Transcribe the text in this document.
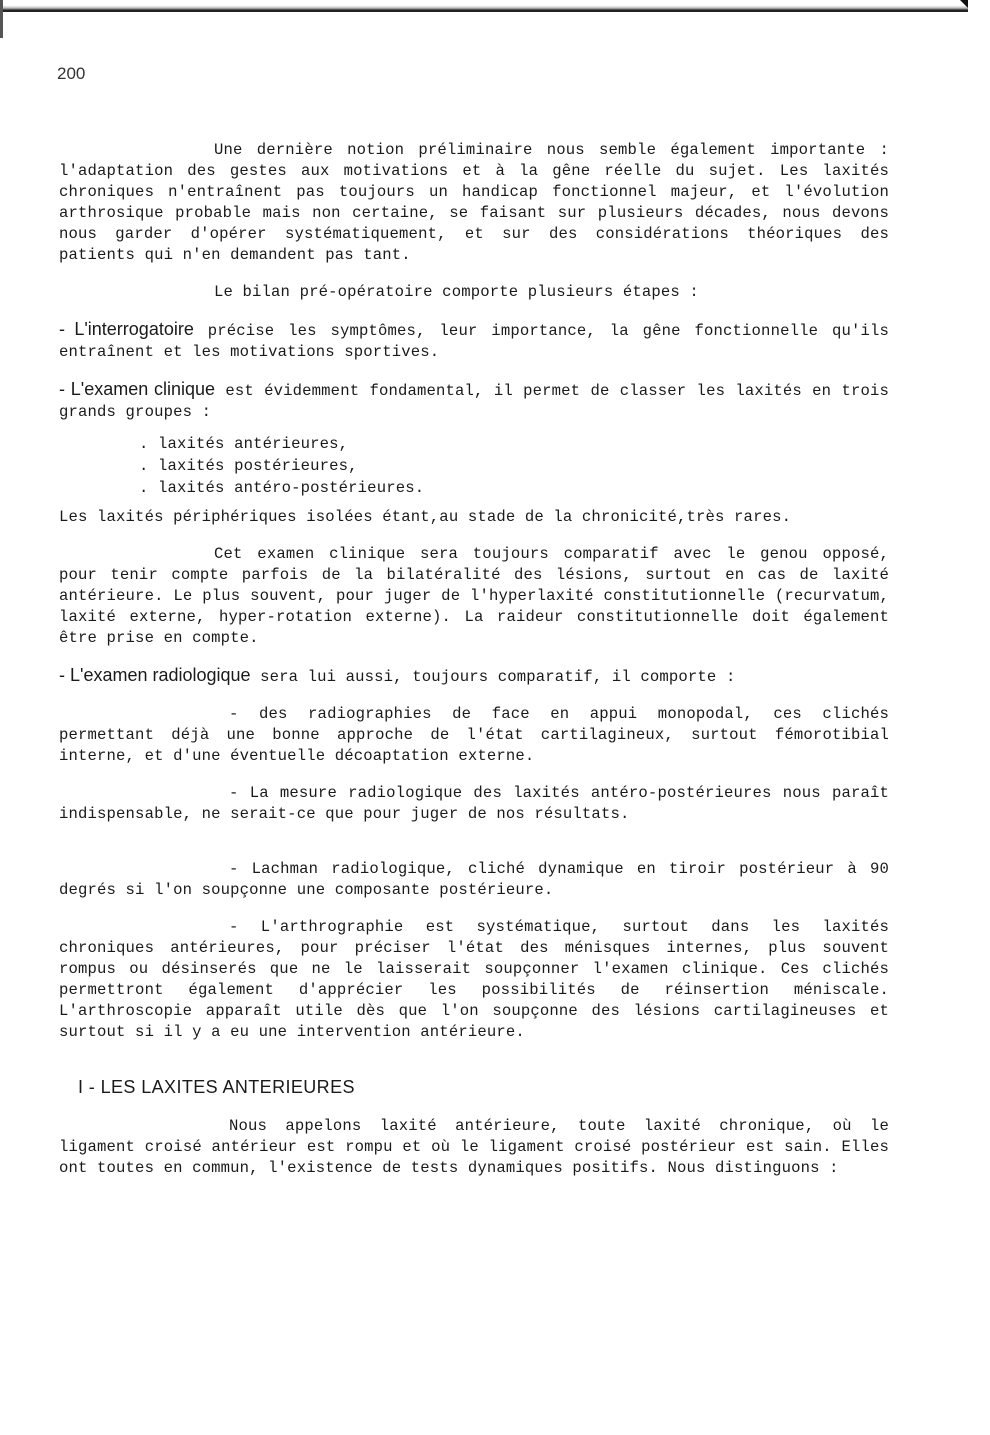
200

Une dernière notion préliminaire nous semble également importante : l'adaptation des gestes aux motivations et à la gêne réelle du sujet. Les laxités chroniques n'entraînent pas toujours un handicap fonctionnel majeur, et l'évolution arthrosique probable mais non certaine, se faisant sur plusieurs décades, nous devons nous garder d'opérer systématiquement, et sur des considérations théoriques des patients qui n'en demandent pas tant.

Le bilan pré-opératoire comporte plusieurs étapes :

- L'interrogatoire précise les symptômes, leur importance, la gêne fonctionnelle qu'ils entraînent et les motivations sportives.

- L'examen clinique est évidemment fondamental, il permet de classer les laxités en trois grands groupes :

. laxités antérieures,
. laxités postérieures,
. laxités antéro-postérieures.

Les laxités périphériques isolées étant,au stade de la chronicité,très rares.

Cet examen clinique sera toujours comparatif avec le genou opposé, pour tenir compte parfois de la bilatéralité des lésions, surtout en cas de laxité antérieure. Le plus souvent, pour juger de l'hyperlaxité constitutionnelle (recurvatum, laxité externe, hyper-rotation externe). La raideur constitutionnelle doit également être prise en compte.

- L'examen radiologique sera lui aussi, toujours comparatif, il comporte :

- des radiographies de face en appui monopodal, ces clichés permettant déjà une bonne approche de l'état cartilagineux, surtout fémorotibial interne, et d'une éventuelle décoaptation externe.

- La mesure radiologique des laxités antéro-postérieures nous paraît indispensable, ne serait-ce que pour juger de nos résultats.

- Lachman radiologique, cliché dynamique en tiroir postérieur à 90 degrés si l'on soupçonne une composante postérieure.

- L'arthrographie est systématique, surtout dans les laxités chroniques antérieures, pour préciser l'état des ménisques internes, plus souvent rompus ou désinserés que ne le laisserait soupçonner l'examen clinique. Ces clichés permettront également d'apprécier les possibilités de réinsertion méniscale. L'arthroscopie apparaît utile dès que l'on soupçonne des lésions cartilagineuses et surtout si il y a eu une intervention antérieure.

I - LES LAXITES ANTERIEURES

Nous appelons laxité antérieure, toute laxité chronique, où le ligament croisé antérieur est rompu et où le ligament croisé postérieur est sain. Elles ont toutes en commun, l'existence de tests dynamiques positifs. Nous distinguons :
